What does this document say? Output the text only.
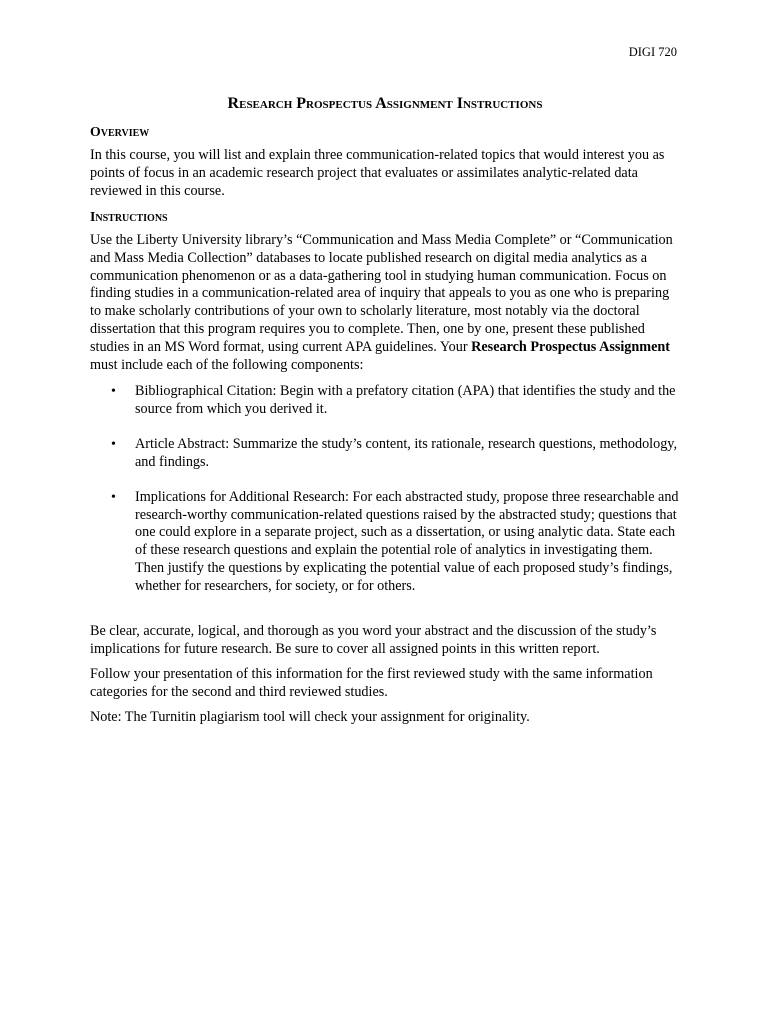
DIGI 720
Research Prospectus Assignment Instructions
Overview

In this course, you will list and explain three communication-related topics that would interest you as points of focus in an academic research project that evaluates or assimilates analytic-related data reviewed in this course.

Instructions

Use the Liberty University library’s “Communication and Mass Media Complete” or “Communication and Mass Media Collection” databases to locate published research on digital media analytics as a communication phenomenon or as a data-gathering tool in studying human communication. Focus on finding studies in a communication-related area of inquiry that appeals to you as one who is preparing to make scholarly contributions of your own to scholarly literature, most notably via the doctoral dissertation that this program requires you to complete. Then, one by one, present these published studies in an MS Word format, using current APA guidelines. Your Research Prospectus Assignment must include each of the following components:

• Bibliographical Citation: Begin with a prefatory citation (APA) that identifies the study and the source from which you derived it.
• Article Abstract: Summarize the study’s content, its rationale, research questions, methodology, and findings.
• Implications for Additional Research: For each abstracted study, propose three researchable and research-worthy communication-related questions raised by the abstracted study; questions that one could explore in a separate project, such as a dissertation, or using analytic data. State each of these research questions and explain the potential role of analytics in investigating them. Then justify the questions by explicating the potential value of each proposed study’s findings, whether for researchers, for society, or for others.

Be clear, accurate, logical, and thorough as you word your abstract and the discussion of the study’s implications for future research. Be sure to cover all assigned points in this written report.

Follow your presentation of this information for the first reviewed study with the same information categories for the second and third reviewed studies.

Note: The Turnitin plagiarism tool will check your assignment for originality.
